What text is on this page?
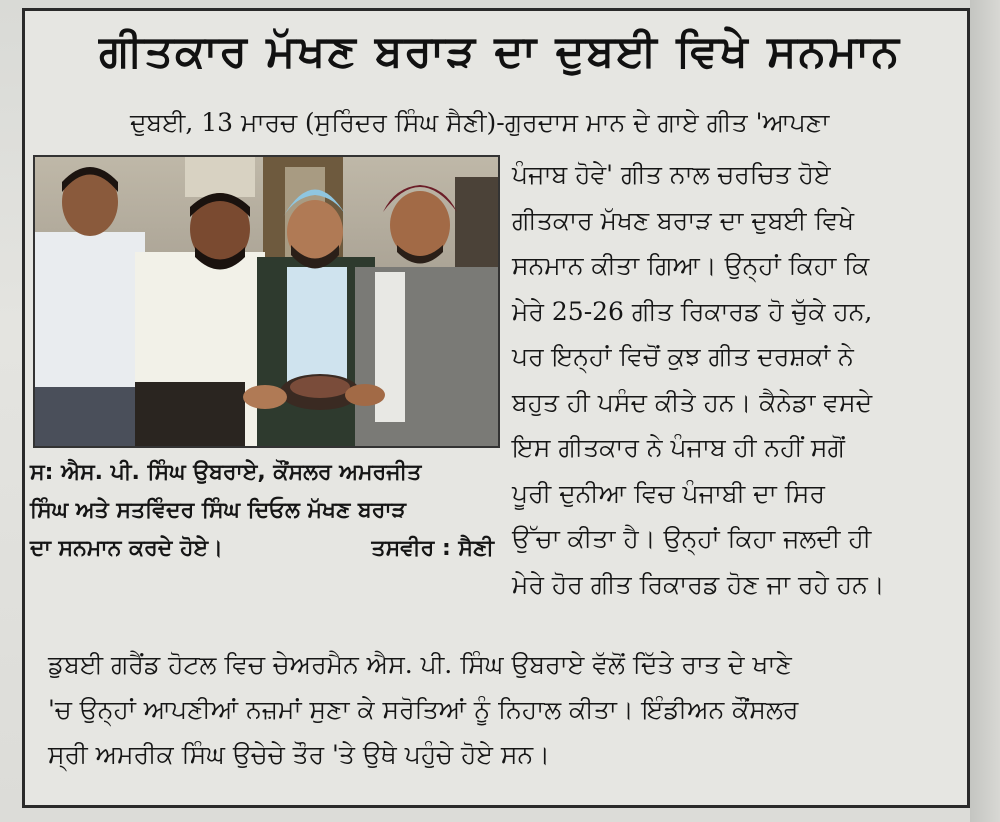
ਗੀਤਕਾਰ ਮੱਖਣ ਬਰਾੜ ਦਾ ਦੁਬਈ ਵਿਖੇ ਸਨਮਾਨ
ਦੁਬਈ, 13 ਮਾਰਚ (ਸੁਰਿੰਦਰ ਸਿੰਘ ਸੈਣੀ)-ਗੁਰਦਾਸ ਮਾਨ ਦੇ ਗਾਏ ਗੀਤ 'ਆਪਣਾ
ਸ: ਐਸ. ਪੀ. ਸਿੰਘ ਉਬਰਾਏ, ਕੌਂਸਲਰ ਅਮਰਜੀਤ
ਸਿੰਘ ਅਤੇ ਸਤਵਿੰਦਰ ਸਿੰਘ ਦਿਓਲ ਮੱਖਣ ਬਰਾੜ
ਦਾ ਸਨਮਾਨ ਕਰਦੇ ਹੋਏ।	ਤਸਵੀਰ : ਸੈਣੀ
ਪੰਜਾਬ ਹੋਵੇ' ਗੀਤ ਨਾਲ ਚਰਚਿਤ ਹੋਏ
ਗੀਤਕਾਰ ਮੱਖਣ ਬਰਾੜ ਦਾ ਦੁਬਈ ਵਿਖੇ
ਸਨਮਾਨ ਕੀਤਾ ਗਿਆ। ਉਨ੍ਹਾਂ ਕਿਹਾ ਕਿ
ਮੇਰੇ 25-26 ਗੀਤ ਰਿਕਾਰਡ ਹੋ ਚੁੱਕੇ ਹਨ,
ਪਰ ਇਨ੍ਹਾਂ ਵਿਚੋਂ ਕੁਝ ਗੀਤ ਦਰਸ਼ਕਾਂ ਨੇ
ਬਹੁਤ ਹੀ ਪਸੰਦ ਕੀਤੇ ਹਨ। ਕੈਨੇਡਾ ਵਸਦੇ
ਇਸ ਗੀਤਕਾਰ ਨੇ ਪੰਜਾਬ ਹੀ ਨਹੀਂ ਸਗੋਂ
ਪੂਰੀ ਦੁਨੀਆ ਵਿਚ ਪੰਜਾਬੀ ਦਾ ਸਿਰ
ਉੱਚਾ ਕੀਤਾ ਹੈ। ਉਨ੍ਹਾਂ ਕਿਹਾ ਜਲਦੀ ਹੀ
ਮੇਰੇ ਹੋਰ ਗੀਤ ਰਿਕਾਰਡ ਹੋਣ ਜਾ ਰਹੇ ਹਨ।
ਡੁਬਈ ਗਰੈਂਡ ਹੋਟਲ ਵਿਚ ਚੇਅਰਮੈਨ ਐਸ. ਪੀ. ਸਿੰਘ ਉਬਰਾਏ ਵੱਲੋਂ ਦਿੱਤੇ ਰਾਤ ਦੇ ਖਾਣੇ
'ਚ ਉਨ੍ਹਾਂ ਆਪਣੀਆਂ ਨਜ਼ਮਾਂ ਸੁਣਾ ਕੇ ਸਰੋਤਿਆਂ ਨੂੰ ਨਿਹਾਲ ਕੀਤਾ। ਇੰਡੀਅਨ ਕੌਂਸਲਰ
ਸ੍ਰੀ ਅਮਰੀਕ ਸਿੰਘ ਉਚੇਚੇ ਤੌਰ 'ਤੇ ਉਥੇ ਪਹੁੰਚੇ ਹੋਏ ਸਨ।
